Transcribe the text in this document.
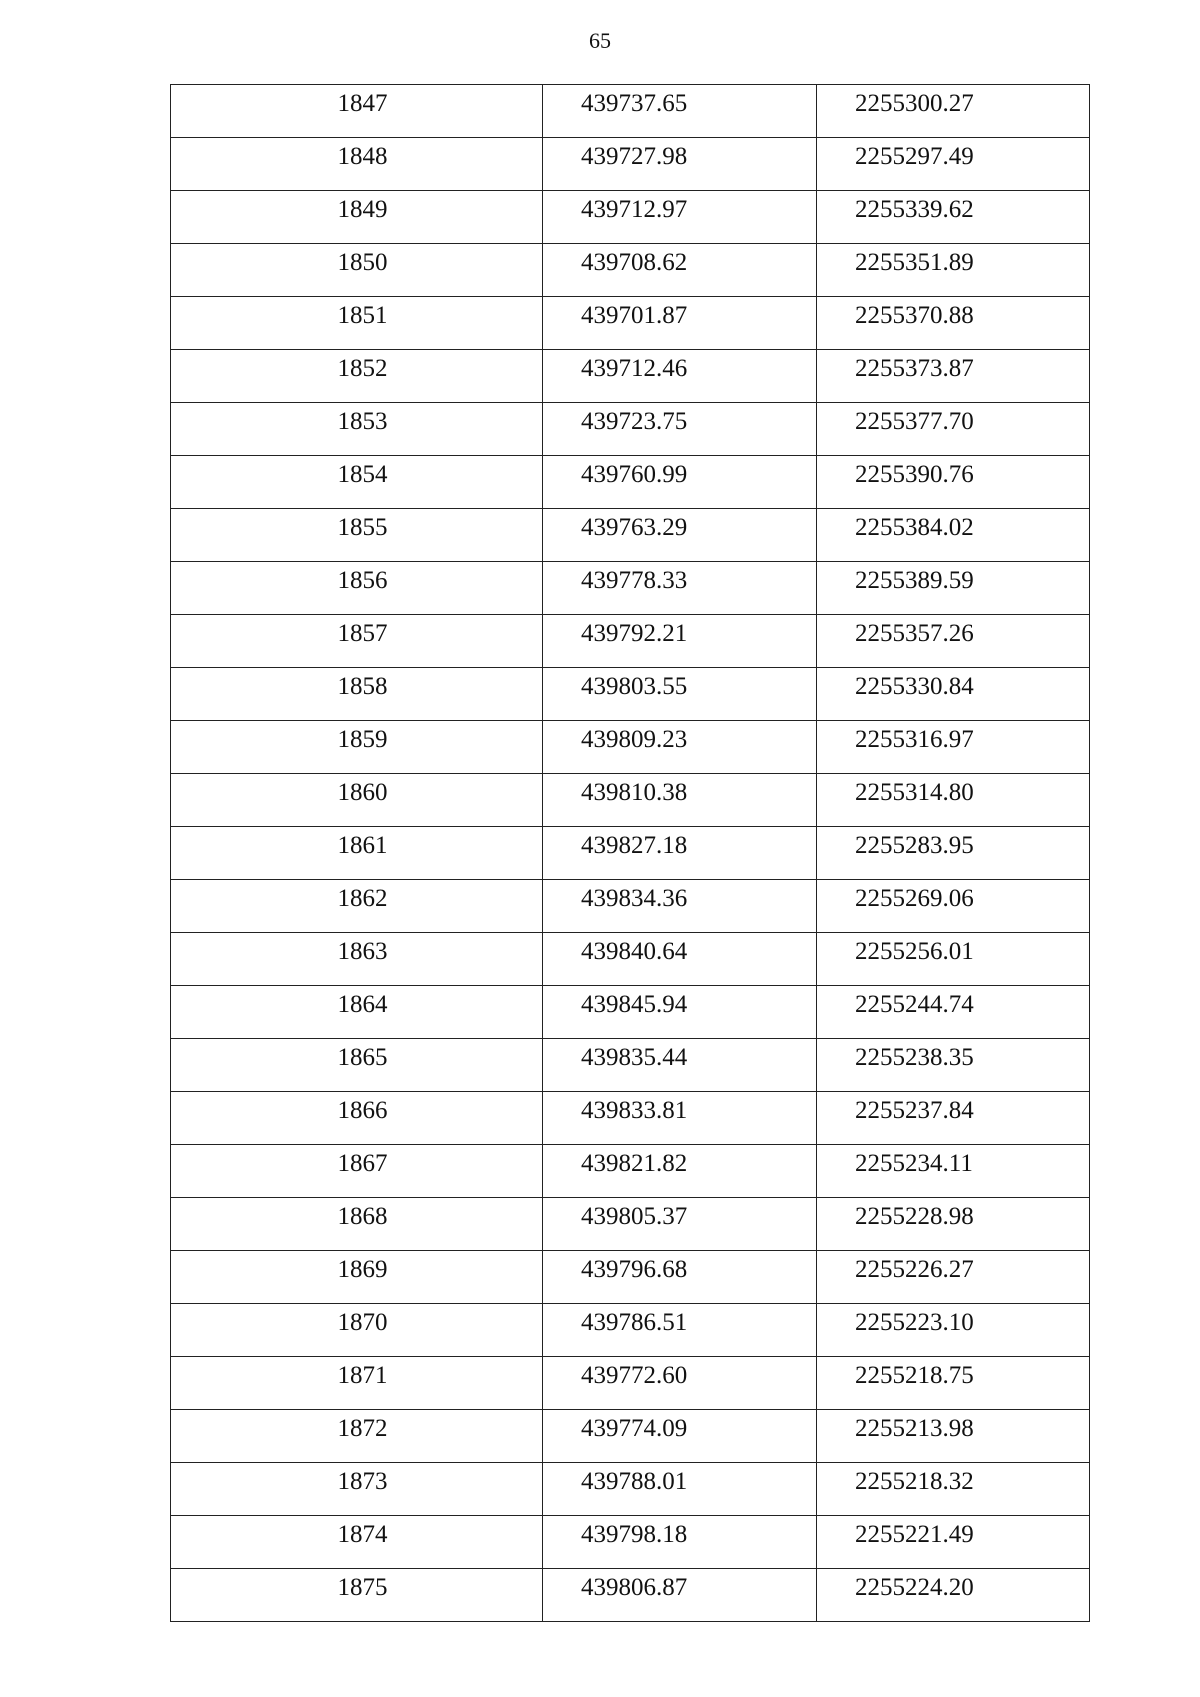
65
1847	439737.65	2255300.27

1848	439727.98	2255297.49

1849	439712.97	2255339.62

1850	439708.62	2255351.89

1851	439701.87	2255370.88

1852	439712.46	2255373.87

1853	439723.75	2255377.70

1854	439760.99	2255390.76

1855	439763.29	2255384.02

1856	439778.33	2255389.59

1857	439792.21	2255357.26

1858	439803.55	2255330.84

1859	439809.23	2255316.97

1860	439810.38	2255314.80

1861	439827.18	2255283.95

1862	439834.36	2255269.06

1863	439840.64	2255256.01

1864	439845.94	2255244.74

1865	439835.44	2255238.35

1866	439833.81	2255237.84

1867	439821.82	2255234.11

1868	439805.37	2255228.98

1869	439796.68	2255226.27

1870	439786.51	2255223.10

1871	439772.60	2255218.75

1872	439774.09	2255213.98

1873	439788.01	2255218.32

1874	439798.18	2255221.49

1875	439806.87	2255224.20
